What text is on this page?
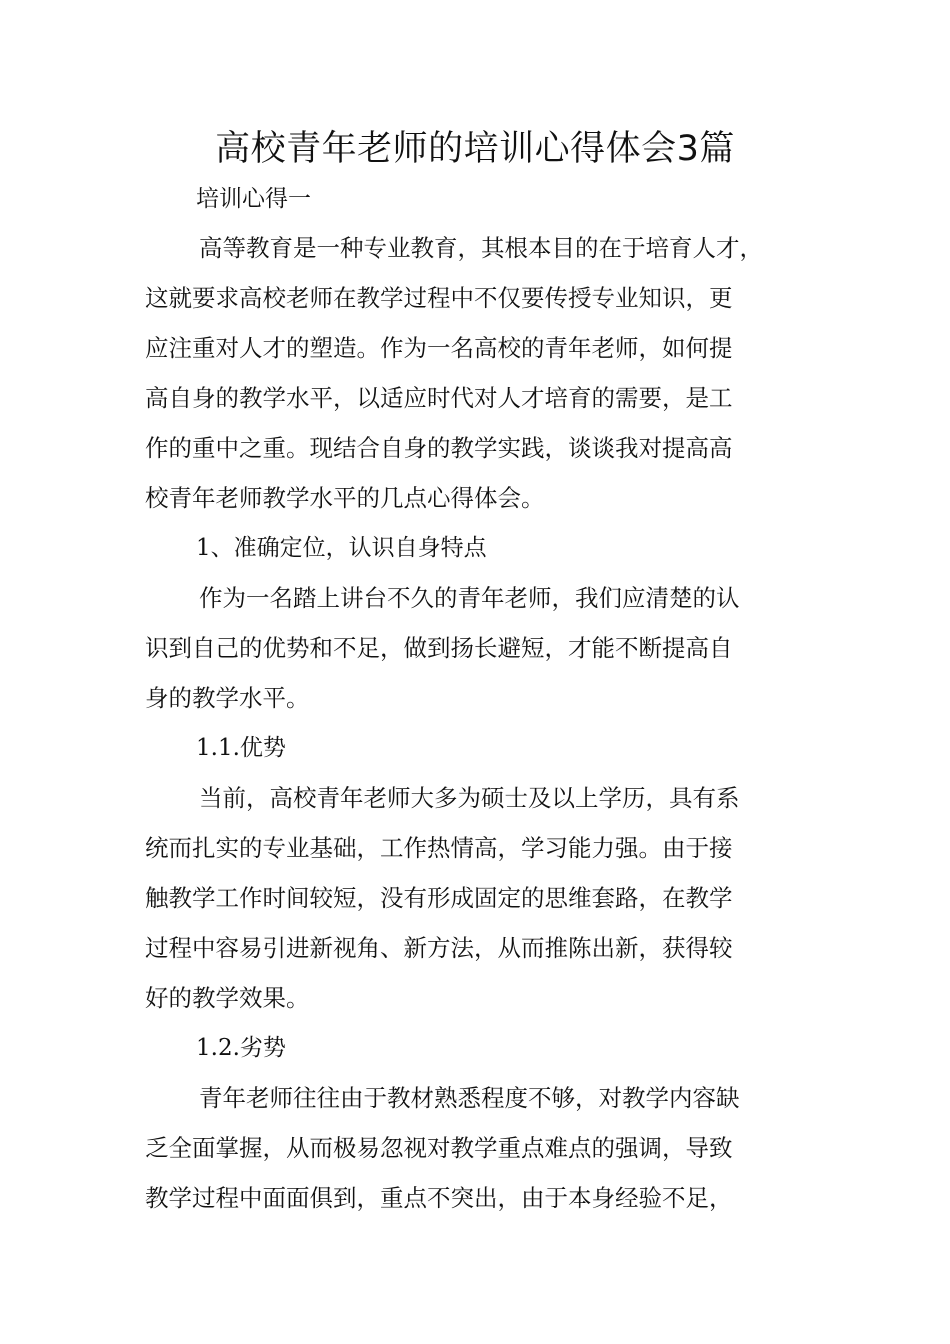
高校青年老师的培训心得体会3篇

培训心得一

高等教育是一种专业教育，其根本目的在于培育人才，
这就要求高校老师在教学过程中不仅要传授专业知识，更
应注重对人才的塑造。作为一名高校的青年老师，如何提
高自身的教学水平，以适应时代对人才培育的需要，是工
作的重中之重。现结合自身的教学实践，谈谈我对提高高
校青年老师教学水平的几点心得体会。

1、准确定位，认识自身特点

作为一名踏上讲台不久的青年老师，我们应清楚的认
识到自己的优势和不足，做到扬长避短，才能不断提高自
身的教学水平。

1.1.优势

当前，高校青年老师大多为硕士及以上学历，具有系
统而扎实的专业基础，工作热情高，学习能力强。由于接
触教学工作时间较短，没有形成固定的思维套路，在教学
过程中容易引进新视角、新方法，从而推陈出新，获得较
好的教学效果。

1.2.劣势

青年老师往往由于教材熟悉程度不够，对教学内容缺
乏全面掌握，从而极易忽视对教学重点难点的强调，导致
教学过程中面面俱到，重点不突出，由于本身经验不足，
